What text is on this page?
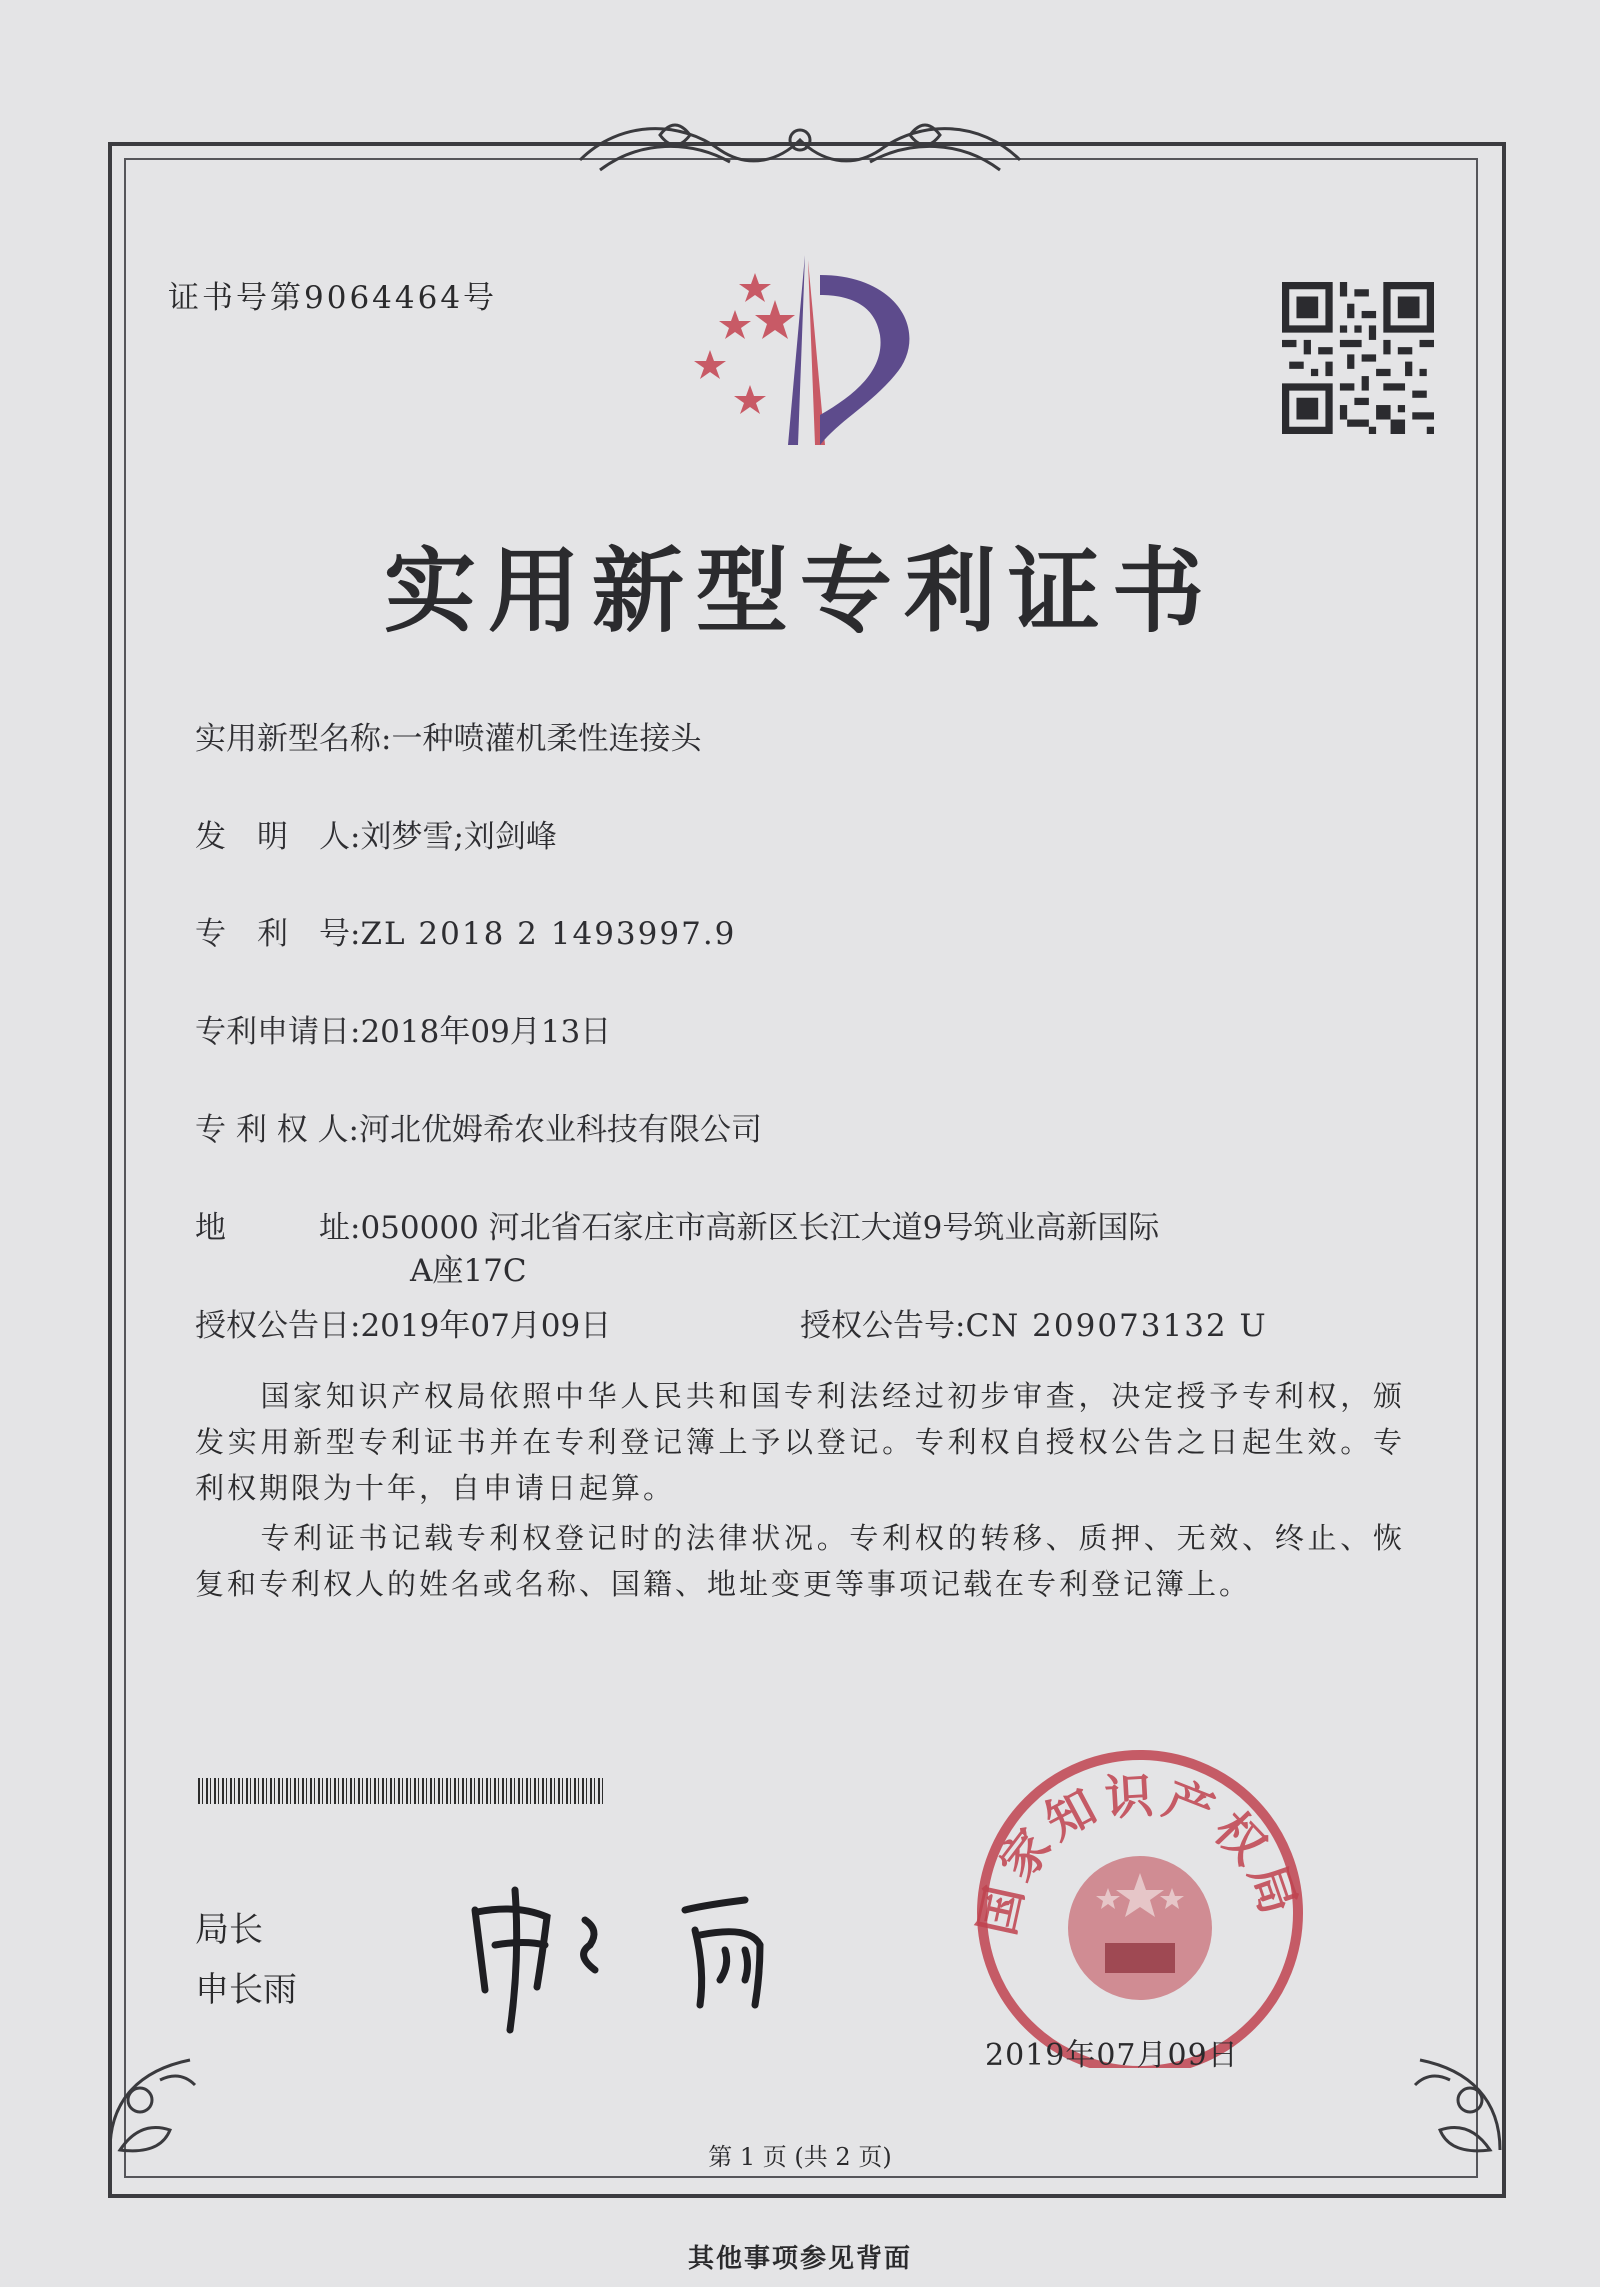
证书号第9064464号
实用新型专利证书
实用新型名称:一种喷灌机柔性连接头
发　明　人:刘梦雪;刘剑峰
专　利　号:ZL 2018 2 1493997.9
专利申请日:2018年09月13日
专 利 权 人:河北优姆希农业科技有限公司
地　　　址:050000 河北省石家庄市高新区长江大道9号筑业高新国际
A座17C
授权公告日:2019年07月09日	授权公告号:CN 209073132 U
　　国家知识产权局依照中华人民共和国专利法经过初步审查，决定授予专利权，颁发实用新型专利证书并在专利登记簿上予以登记。专利权自授权公告之日起生效。专利权期限为十年，自申请日起算。
　　专利证书记载专利权登记时的法律状况。专利权的转移、质押、无效、终止、恢复和专利权人的姓名或名称、国籍、地址变更等事项记载在专利登记簿上。
局长
申长雨
国家知识产权局
2019年07月09日
第 1 页 (共 2 页)
其他事项参见背面
